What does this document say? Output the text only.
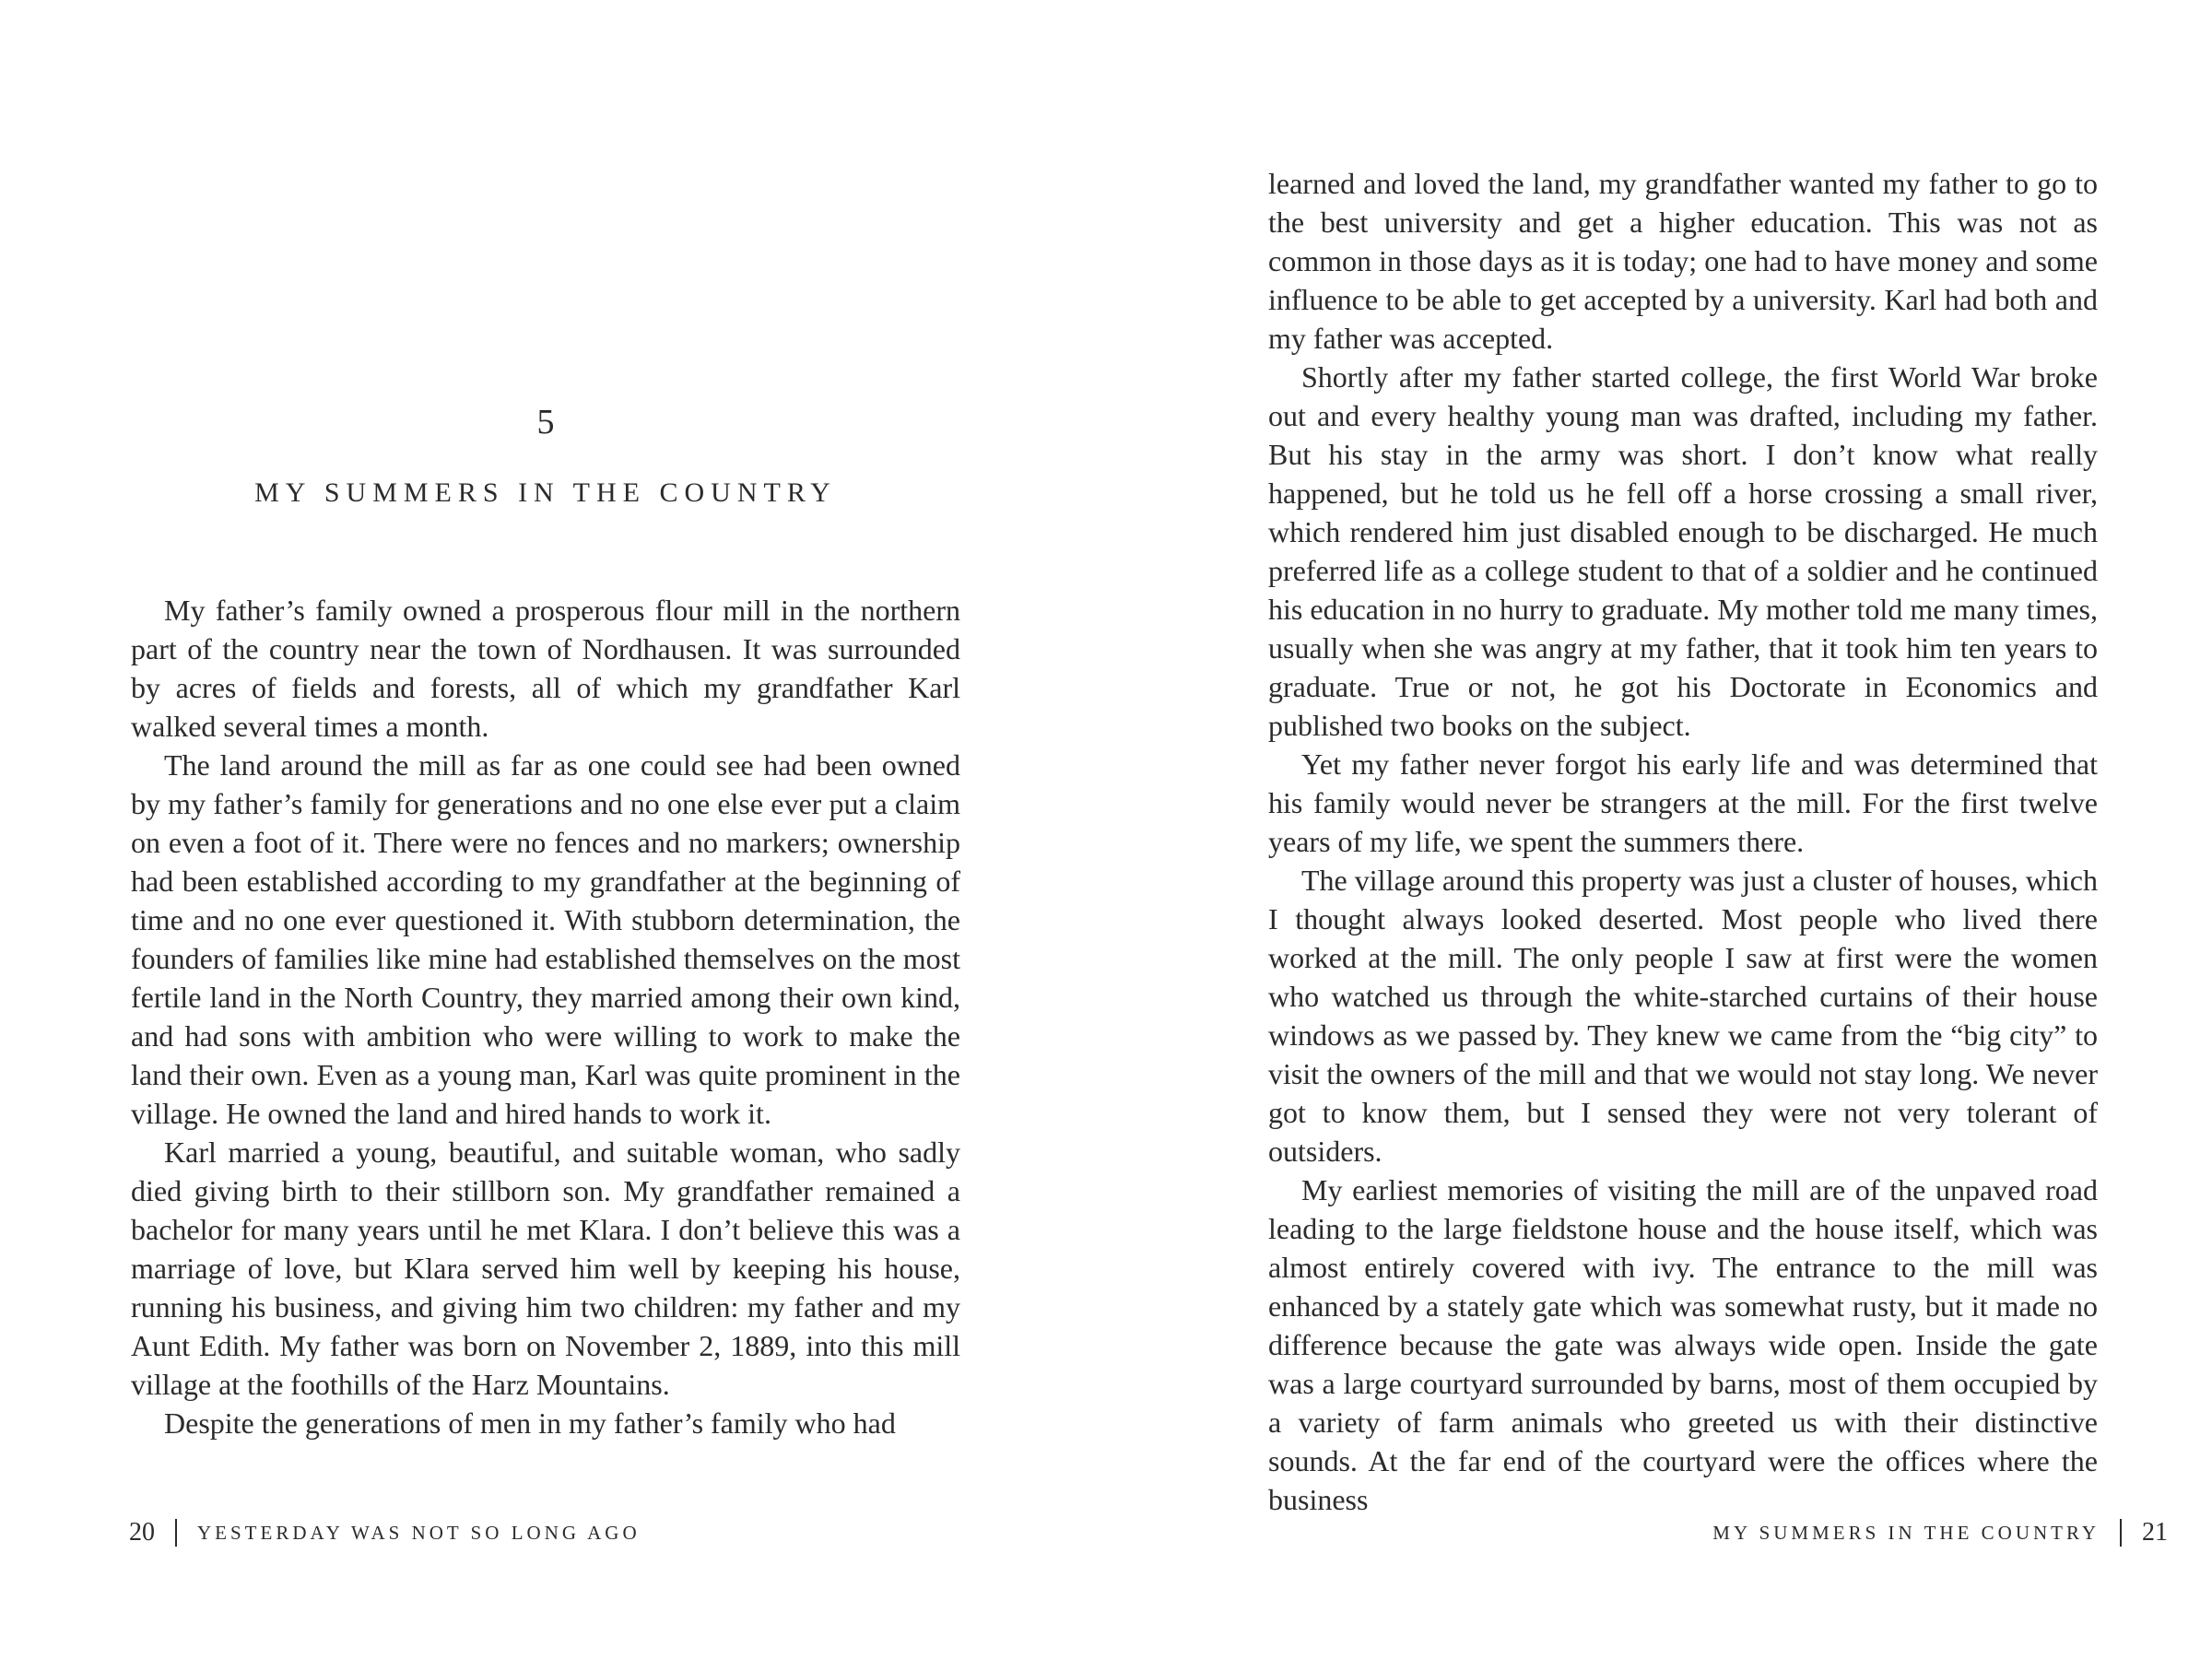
5
MY SUMMERS IN THE COUNTRY

My father’s family owned a prosperous flour mill in the northern part of the country near the town of Nordhausen. It was surrounded by acres of fields and forests, all of which my grandfather Karl walked several times a month.

The land around the mill as far as one could see had been owned by my father’s family for generations and no one else ever put a claim on even a foot of it. There were no fences and no markers; ownership had been established according to my grandfather at the beginning of time and no one ever questioned it. With stubborn determination, the founders of families like mine had established themselves on the most fertile land in the North Country, they married among their own kind, and had sons with ambition who were willing to work to make the land their own. Even as a young man, Karl was quite prominent in the village. He owned the land and hired hands to work it.

Karl married a young, beautiful, and suitable woman, who sadly died giving birth to their stillborn son. My grandfather remained a bachelor for many years until he met Klara. I don’t believe this was a marriage of love, but Klara served him well by keeping his house, running his business, and giving him two children: my father and my Aunt Edith. My father was born on November 2, 1889, into this mill village at the foothills of the Harz Mountains.

Despite the generations of men in my father’s family who had

20 YESTERDAY WAS NOT SO LONG AGO

learned and loved the land, my grandfather wanted my father to go to the best university and get a higher education. This was not as common in those days as it is today; one had to have money and some influence to be able to get accepted by a university. Karl had both and my father was accepted.

Shortly after my father started college, the first World War broke out and every healthy young man was drafted, including my father. But his stay in the army was short. I don’t know what really happened, but he told us he fell off a horse crossing a small river, which rendered him just disabled enough to be discharged. He much preferred life as a college student to that of a soldier and he continued his education in no hurry to graduate. My mother told me many times, usually when she was angry at my father, that it took him ten years to graduate. True or not, he got his Doctorate in Economics and published two books on the subject.

Yet my father never forgot his early life and was determined that his family would never be strangers at the mill. For the first twelve years of my life, we spent the summers there.

The village around this property was just a cluster of houses, which I thought always looked deserted. Most people who lived there worked at the mill. The only people I saw at first were the women who watched us through the white-starched curtains of their house windows as we passed by. They knew we came from the “big city” to visit the owners of the mill and that we would not stay long. We never got to know them, but I sensed they were not very tolerant of outsiders.

My earliest memories of visiting the mill are of the unpaved road leading to the large fieldstone house and the house itself, which was almost entirely covered with ivy. The entrance to the mill was enhanced by a stately gate which was somewhat rusty, but it made no difference because the gate was always wide open. Inside the gate was a large courtyard surrounded by barns, most of them occupied by a variety of farm animals who greeted us with their distinctive sounds. At the far end of the courtyard were the offices where the business

MY SUMMERS IN THE COUNTRY 21
